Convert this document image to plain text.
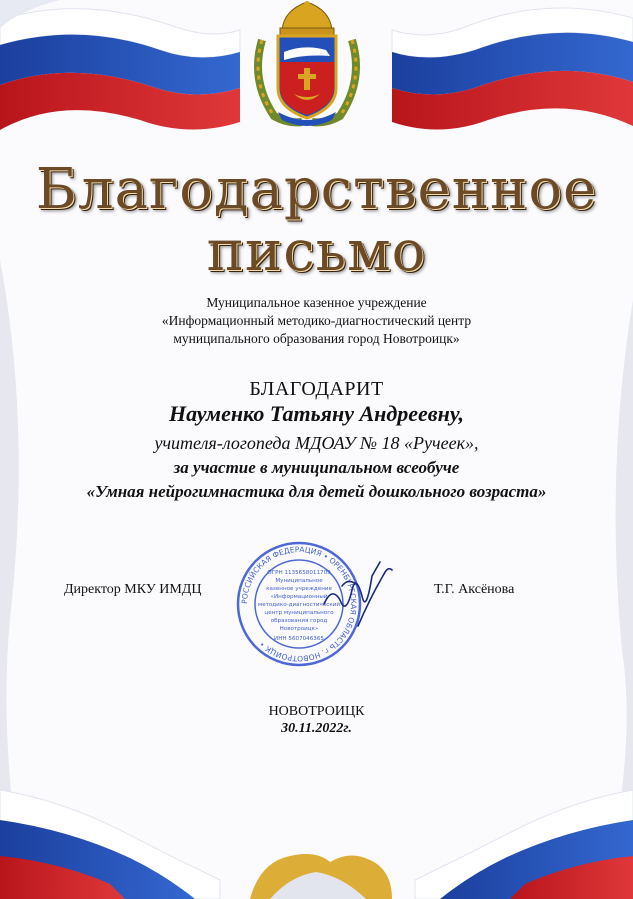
Благодарственное
письмо
Муниципальное казенное учреждение
«Информационный методико-диагностический центр
муниципального образования город Новотроицк»
БЛАГОДАРИТ
Науменко Татьяну Андреевну,
учителя-логопеда МДОАУ № 18 «Ручеек»,
за участие в муниципальном всеобуче
«Умная нейрогимнастика для детей дошкольного возраста»
Директор МКУ ИМДЦ	Т.Г. Аксёнова
РОССИЙСКАЯ ФЕДЕРАЦИЯ • ОРЕНБУРГСКАЯ ОБЛАСТЬ г. НОВОТРОИЦК •
ОГРН 1135658011709
Муниципальное
казенное учреждение
«Информационный
методико-диагностический
центр муниципального
образования город
Новотроицк»
ИНН 5607046365
НОВОТРОИЦК
30.11.2022г.
